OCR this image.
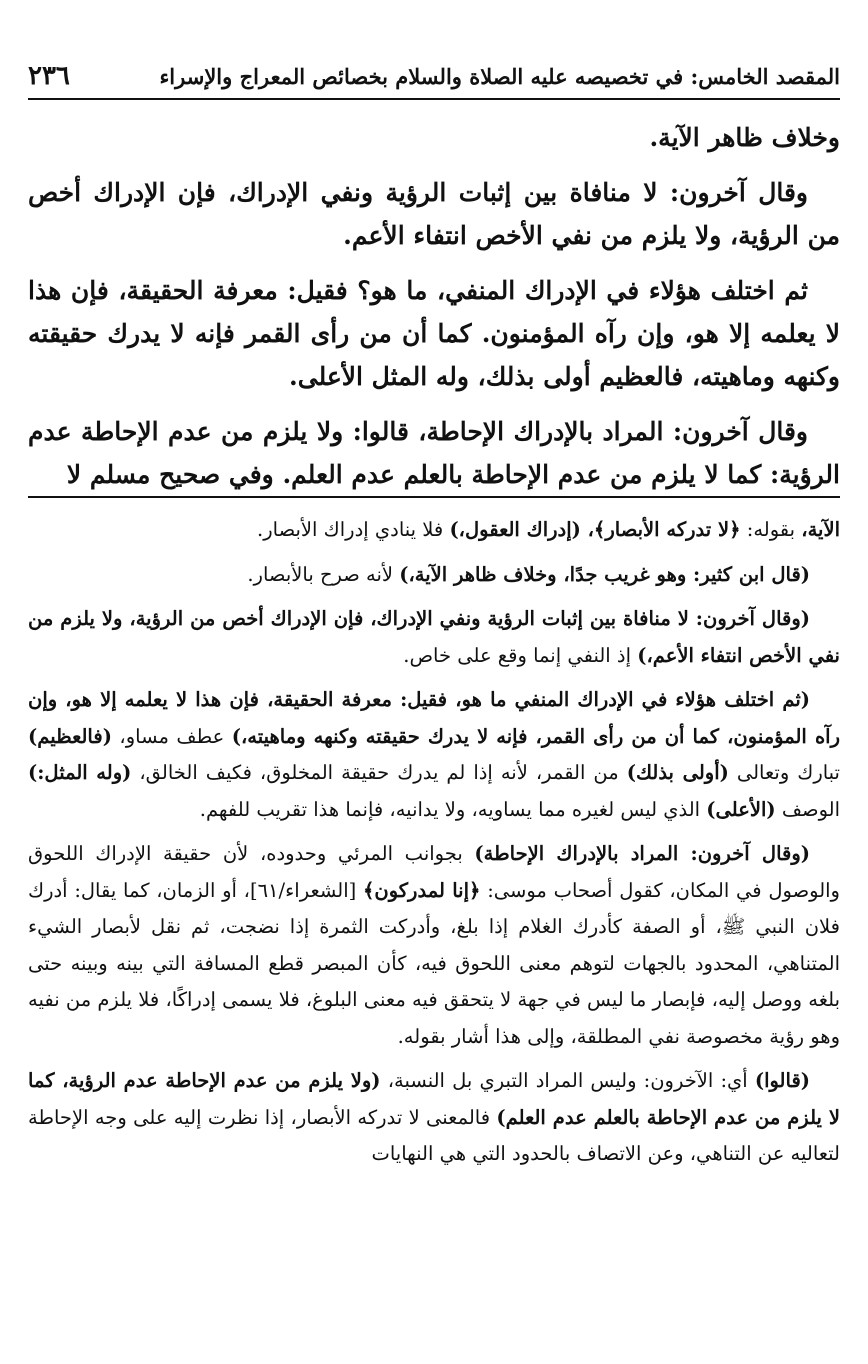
المقصد الخامس: في تخصيصه عليه الصلاة والسلام بخصائص المعراج والإسراء
٢٣٦

وخلاف ظاهر الآية.

وقال آخرون: لا منافاة بين إثبات الرؤية ونفي الإدراك، فإن الإدراك أخص من الرؤية، ولا يلزم من نفي الأخص انتفاء الأعم.

ثم اختلف هؤلاء في الإدراك المنفي، ما هو؟ فقيل: معرفة الحقيقة، فإن هذا لا يعلمه إلا هو، وإن رآه المؤمنون. كما أن من رأى القمر فإنه لا يدرك حقيقته وكنهه وماهيته، فالعظيم أولى بذلك، وله المثل الأعلى.

وقال آخرون: المراد بالإدراك الإحاطة، قالوا: ولا يلزم من عدم الإحاطة عدم الرؤية: كما لا يلزم من عدم الإحاطة بالعلم عدم العلم. وفي صحيح مسلم لا

الآية، بقوله: ﴿لا تدركه الأبصار﴾، (إدراك العقول،) فلا ينادي إدراك الأبصار.

(قال ابن كثير: وهو غريب جدًا، وخلاف ظاهر الآية،) لأنه صرح بالأبصار.

(وقال آخرون: لا منافاة بين إثبات الرؤية ونفي الإدراك، فإن الإدراك أخص من الرؤية، ولا يلزم من نفي الأخص انتفاء الأعم،) إذ النفي إنما وقع على خاص.

(ثم اختلف هؤلاء في الإدراك المنفي ما هو، فقيل: معرفة الحقيقة، فإن هذا لا يعلمه إلا هو، وإن رآه المؤمنون، كما أن من رأى القمر، فإنه لا يدرك حقيقته وكنهه وماهيته،) عطف مساو، (فالعظيم) تبارك وتعالى (أولى بذلك) من القمر، لأنه إذا لم يدرك حقيقة المخلوق، فكيف الخالق، (وله المثل:) الوصف (الأعلى) الذي ليس لغيره مما يساويه، ولا يدانيه، فإنما هذا تقريب للفهم.

(وقال آخرون: المراد بالإدراك الإحاطة) بجوانب المرئي وحدوده، لأن حقيقة الإدراك اللحوق والوصول في المكان، كقول أصحاب موسى: ﴿إنا لمدركون﴾ [الشعراء/٦١]، أو الزمان، كما يقال: أدرك فلان النبي ﷺ، أو الصفة كأدرك الغلام إذا بلغ، وأدركت الثمرة إذا نضجت، ثم نقل لأبصار الشيء المتناهي، المحدود بالجهات لتوهم معنى اللحوق فيه، كأن المبصر قطع المسافة التي بينه وبينه حتى بلغه ووصل إليه، فإبصار ما ليس في جهة لا يتحقق فيه معنى البلوغ، فلا يسمى إدراكًا، فلا يلزم من نفيه وهو رؤية مخصوصة نفي المطلقة، وإلى هذا أشار بقوله.

(قالوا) أي: الآخرون: وليس المراد التبري بل النسبة، (ولا يلزم من عدم الإحاطة عدم الرؤية، كما لا يلزم من عدم الإحاطة بالعلم عدم العلم) فالمعنى لا تدركه الأبصار، إذا نظرت إليه على وجه الإحاطة لتعاليه عن التناهي، وعن الاتصاف بالحدود التي هي النهايات
